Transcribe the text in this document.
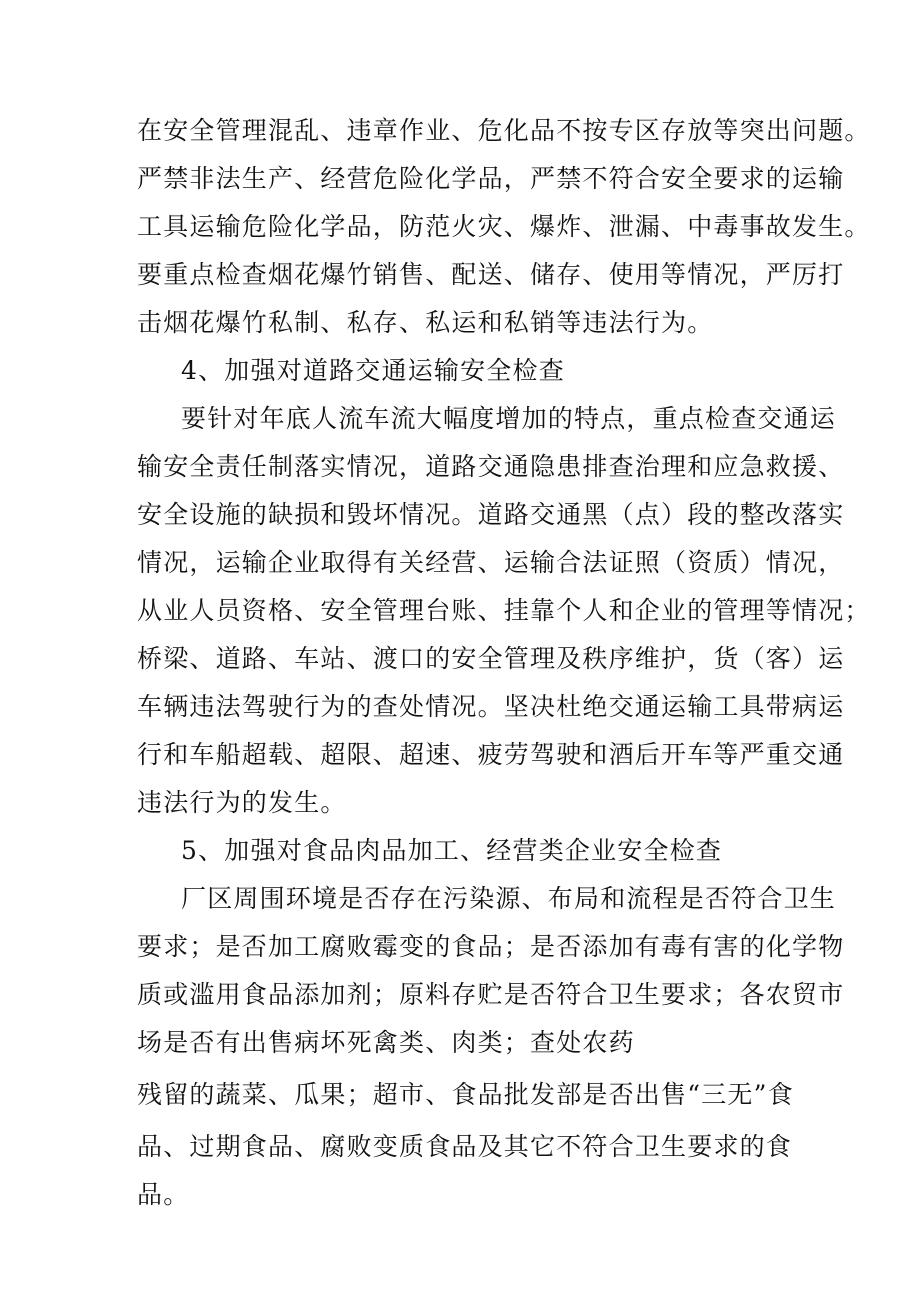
在安全管理混乱、违章作业、危化品不按专区存放等突出问题。
严禁非法生产、经营危险化学品，严禁不符合安全要求的运输
工具运输危险化学品，防范火灾、爆炸、泄漏、中毒事故发生。
要重点检查烟花爆竹销售、配送、储存、使用等情况，严厉打
击烟花爆竹私制、私存、私运和私销等违法行为。
4、加强对道路交通运输安全检查
要针对年底人流车流大幅度增加的特点，重点检查交通运
输安全责任制落实情况，道路交通隐患排查治理和应急救援、
安全设施的缺损和毁坏情况。道路交通黑（点）段的整改落实
情况，运输企业取得有关经营、运输合法证照（资质）情况，
从业人员资格、安全管理台账、挂靠个人和企业的管理等情况；
桥梁、道路、车站、渡口的安全管理及秩序维护，货（客）运
车辆违法驾驶行为的查处情况。坚决杜绝交通运输工具带病运
行和车船超载、超限、超速、疲劳驾驶和酒后开车等严重交通
违法行为的发生。
5、加强对食品肉品加工、经营类企业安全检查
厂区周围环境是否存在污染源、布局和流程是否符合卫生
要求；是否加工腐败霉变的食品；是否添加有毒有害的化学物
质或滥用食品添加剂；原料存贮是否符合卫生要求；各农贸市
场是否有出售病坏死禽类、肉类；查处农药
残留的蔬菜、瓜果；超市、食品批发部是否出售“三无”食
品、过期食品、腐败变质食品及其它不符合卫生要求的食
品。
